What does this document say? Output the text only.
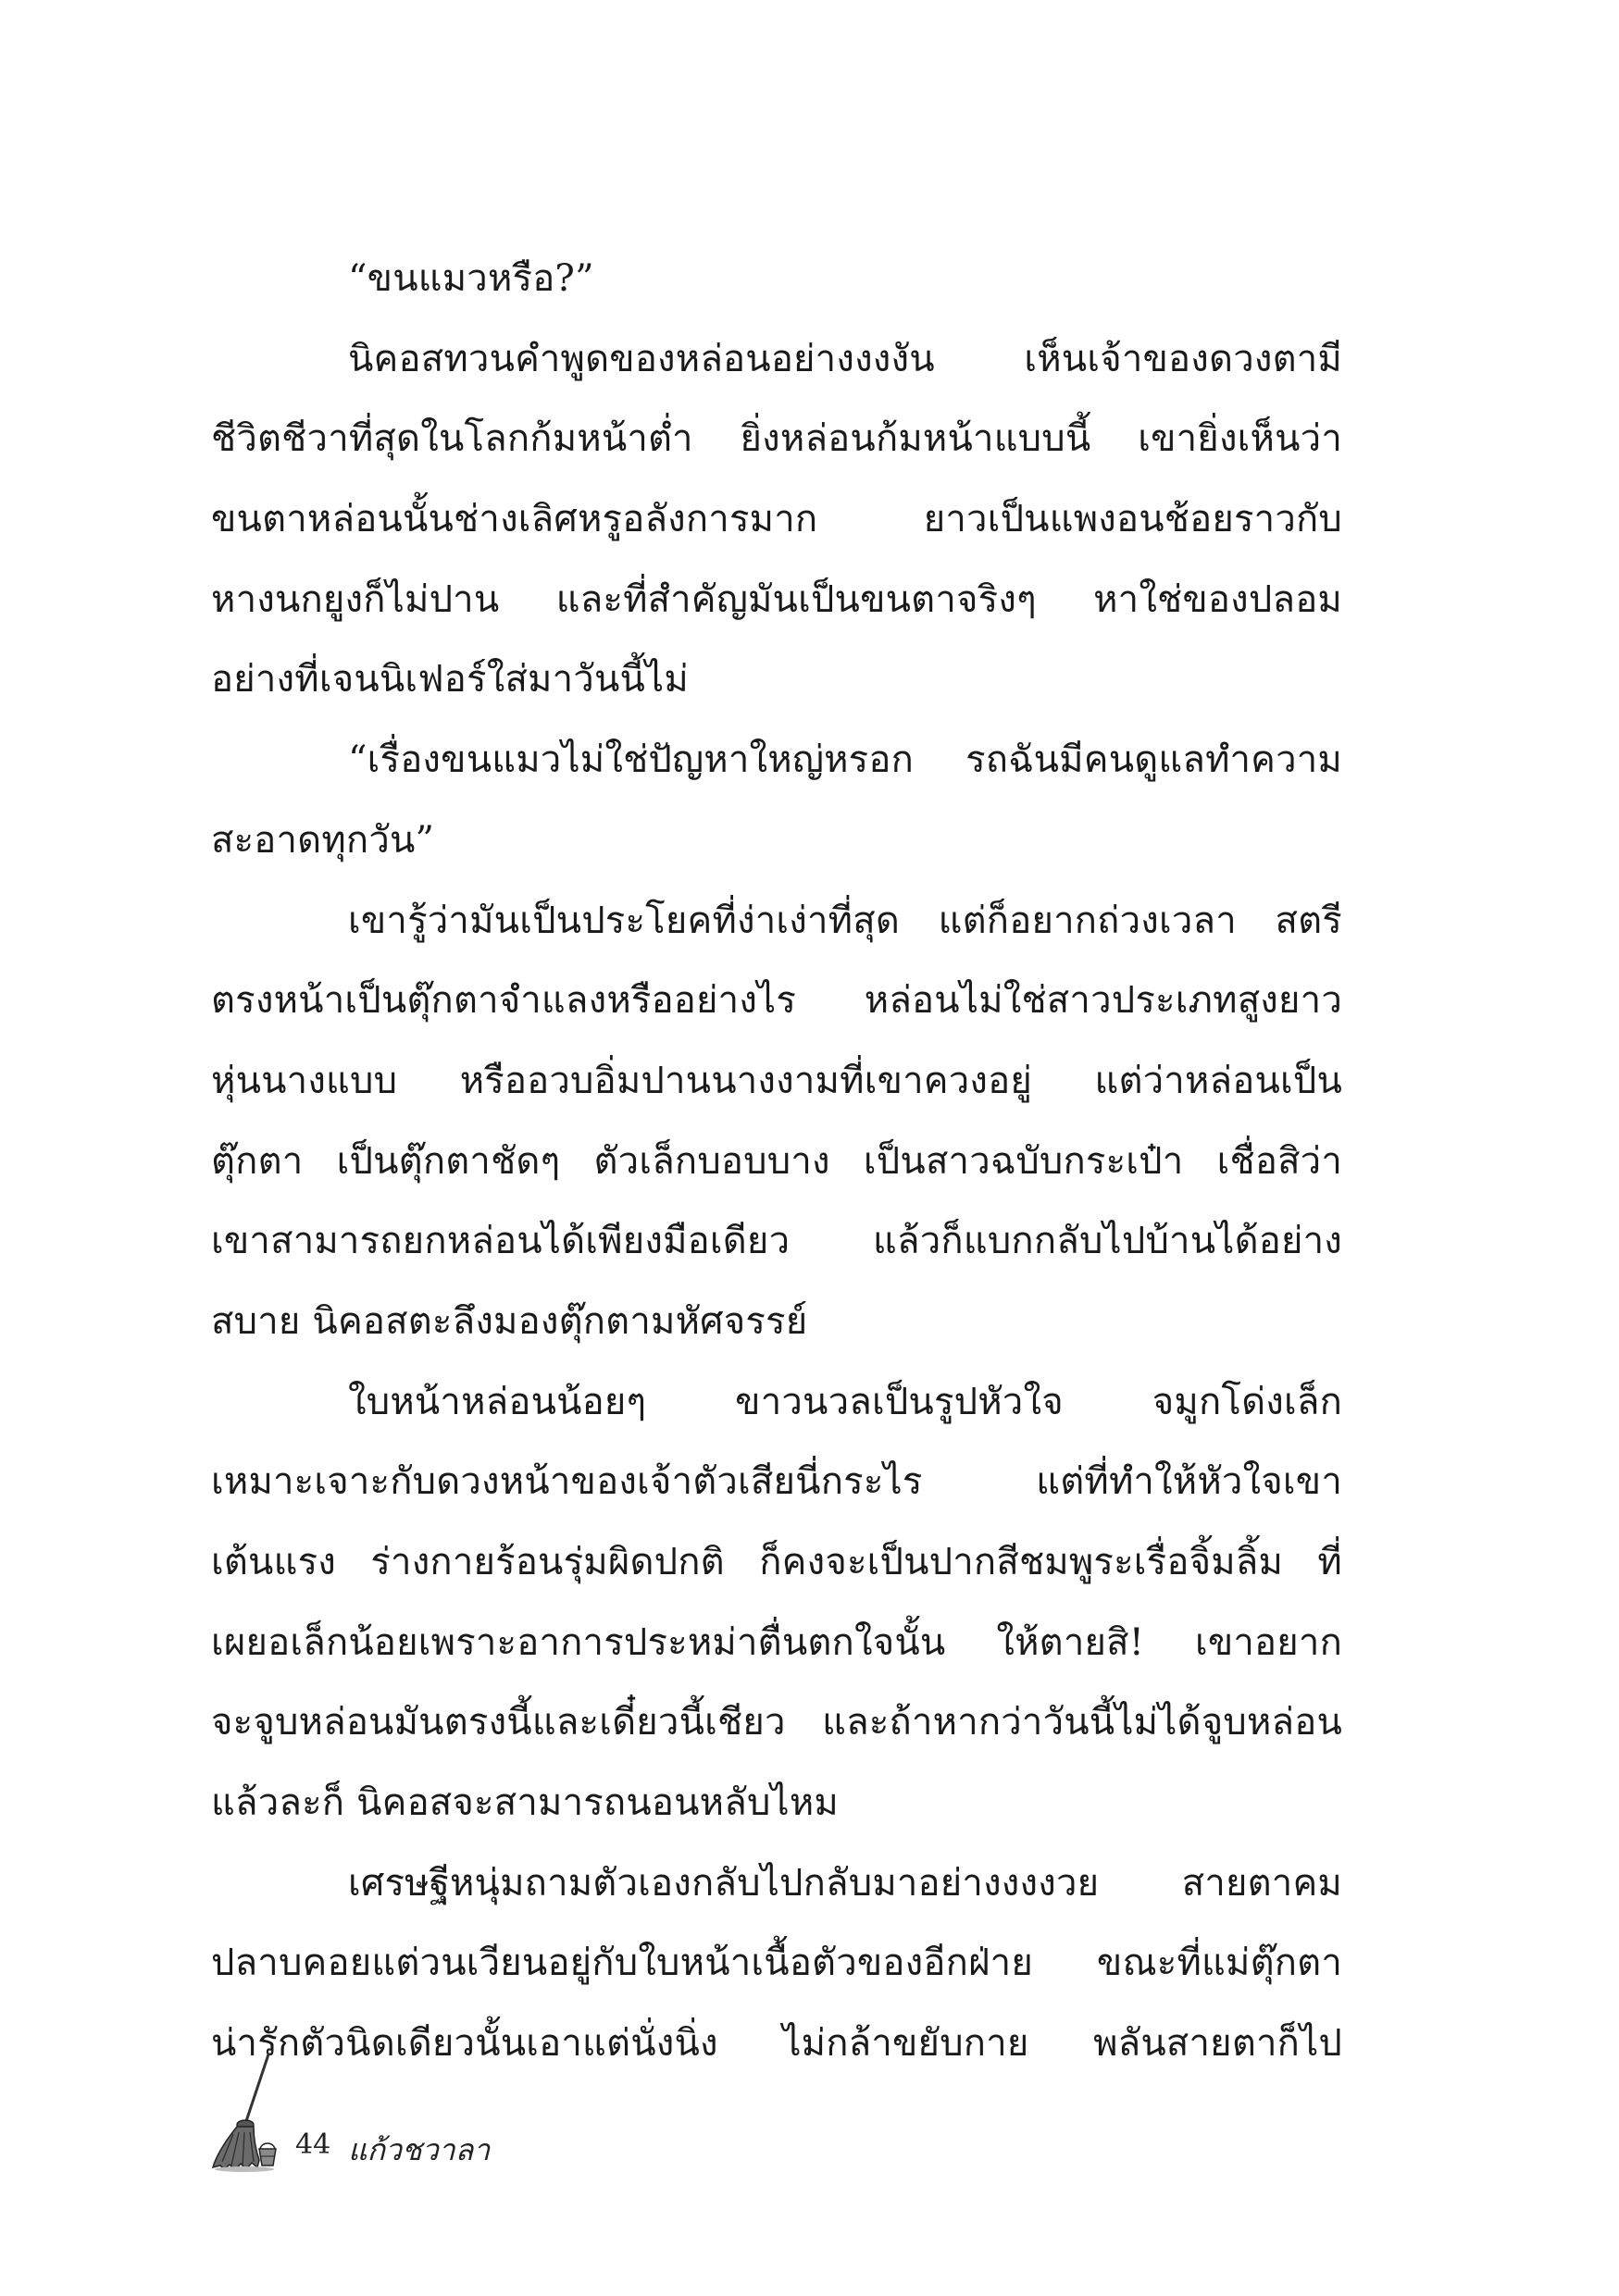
“ขนแมวหรือ?”
นิคอสทวนคำพูดของหล่อนอย่างงงงัน เห็นเจ้าของดวงตามี
ชีวิตชีวาที่สุดในโลกก้มหน้าต่ำ ยิ่งหล่อนก้มหน้าแบบนี้ เขายิ่งเห็นว่า
ขนตาหล่อนนั้นช่างเลิศหรูอลังการมาก ยาวเป็นแพงอนช้อยราวกับ
หางนกยูงก็ไม่ปาน และที่สำคัญมันเป็นขนตาจริงๆ หาใช่ของปลอม
อย่างที่เจนนิเฟอร์ใส่มาวันนี้ไม่
“เรื่องขนแมวไม่ใช่ปัญหาใหญ่หรอก รถฉันมีคนดูแลทำความ
สะอาดทุกวัน”
เขารู้ว่ามันเป็นประโยคที่ง่าเง่าที่สุด แต่ก็อยากถ่วงเวลา สตรี
ตรงหน้าเป็นตุ๊กตาจำแลงหรืออย่างไร หล่อนไม่ใช่สาวประเภทสูงยาว
หุ่นนางแบบ หรืออวบอิ่มปานนางงามที่เขาควงอยู่ แต่ว่าหล่อนเป็น
ตุ๊กตา เป็นตุ๊กตาชัดๆ ตัวเล็กบอบบาง เป็นสาวฉบับกระเป๋า เชื่อสิว่า
เขาสามารถยกหล่อนได้เพียงมือเดียว แล้วก็แบกกลับไปบ้านได้อย่าง
สบาย นิคอสตะลึงมองตุ๊กตามหัศจรรย์
ใบหน้าหล่อนน้อยๆ ขาวนวลเป็นรูปหัวใจ จมูกโด่งเล็ก
เหมาะเจาะกับดวงหน้าของเจ้าตัวเสียนี่กระไร แต่ที่ทำให้หัวใจเขา
เต้นแรง ร่างกายร้อนรุ่มผิดปกติ ก็คงจะเป็นปากสีชมพูระเรื่อจิ้มลิ้ม ที่
เผยอเล็กน้อยเพราะอาการประหม่าตื่นตกใจนั้น ให้ตายสิ! เขาอยาก
จะจูบหล่อนมันตรงนี้และเดี๋ยวนี้เชียว และถ้าหากว่าวันนี้ไม่ได้จูบหล่อน
แล้วละก็ นิคอสจะสามารถนอนหลับไหม
เศรษฐีหนุ่มถามตัวเองกลับไปกลับมาอย่างงงงวย สายตาคม
ปลาบคอยแต่วนเวียนอยู่กับใบหน้าเนื้อตัวของอีกฝ่าย ขณะที่แม่ตุ๊กตา
น่ารักตัวนิดเดียวนั้นเอาแต่นั่งนิ่ง ไม่กล้าขยับกาย พลันสายตาก็ไป
44 แก้วชวาลา
